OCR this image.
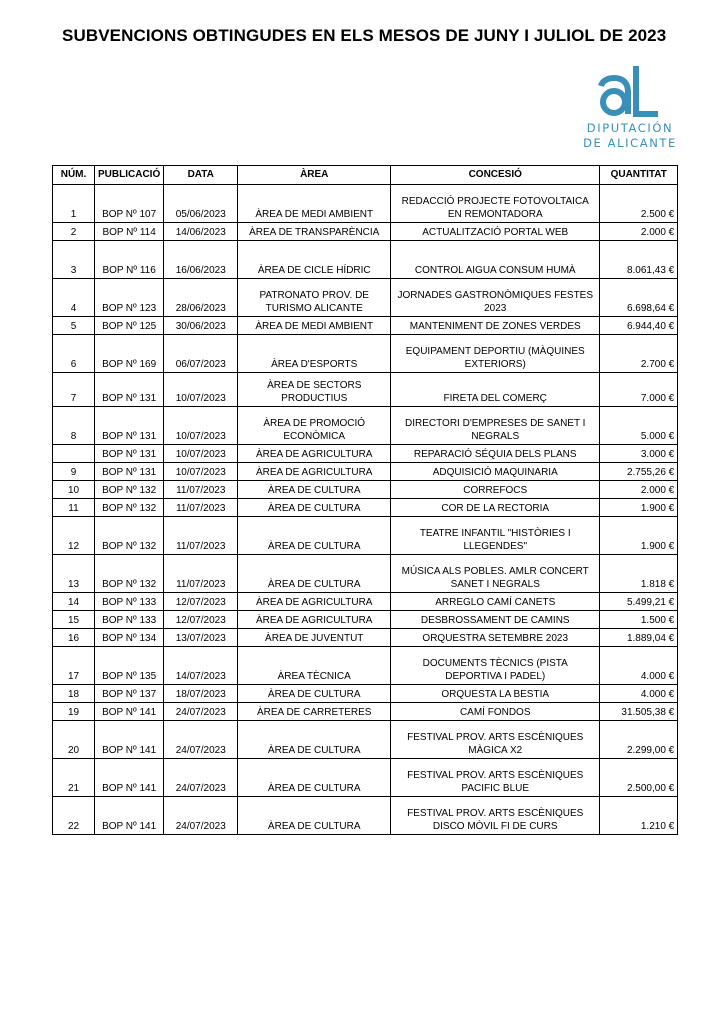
SUBVENCIONS OBTINGUDES EN ELS MESOS DE JUNY I JULIOL DE 2023
DIPUTACIÓN
DE ALICANTE
NÚM.	PUBLICACIÓ	DATA	ÀREA	CONCESIÓ	QUANTITAT
1	BOP Nº 107	05/06/2023	ÀREA DE MEDI AMBIENT	REDACCIÓ PROJECTE FOTOVOLTAICA EN REMONTADORA	2.500 €
2	BOP Nº 114	14/06/2023	ÀREA DE TRANSPARÈNCIA	ACTUALITZACIÓ PORTAL WEB	2.000 €
3	BOP Nº 116	16/06/2023	ÀREA DE CICLE HÍDRIC	CONTROL AIGUA CONSUM HUMÀ	8.061,43 €
4	BOP Nº 123	28/06/2023	PATRONATO PROV. DE TURISMO ALICANTE	JORNADES GASTRONÒMIQUES FESTES 2023	6.698,64 €
5	BOP Nº 125	30/06/2023	ÀREA DE MEDI AMBIENT	MANTENIMENT DE ZONES VERDES	6.944,40 €
6	BOP Nº 169	06/07/2023	ÀREA D'ESPORTS	EQUIPAMENT DEPORTIU (MÀQUINES EXTERIORS)	2.700 €
7	BOP Nº 131	10/07/2023	ÀREA DE SECTORS PRODUCTIUS	FIRETA DEL COMERÇ	7.000 €
8	BOP Nº 131	10/07/2023	ÀREA DE PROMOCIÓ ECONÒMICA	DIRECTORI D'EMPRESES DE SANET I NEGRALS	5.000 €
	BOP Nº 131	10/07/2023	ÀREA DE AGRICULTURA	REPARACIÓ SÉQUIA DELS PLANS	3.000 €
9	BOP Nº 131	10/07/2023	ÀREA DE AGRICULTURA	ADQUISICIÓ MAQUINARIA	2.755,26 €
10	BOP Nº 132	11/07/2023	ÀREA DE CULTURA	CORREFOCS	2.000 €
11	BOP Nº 132	11/07/2023	ÀREA DE CULTURA	COR DE LA RECTORIA	1.900 €
12	BOP Nº 132	11/07/2023	ÀREA DE CULTURA	TEATRE INFANTIL "HISTÒRIES I LLEGENDES"	1.900 €
13	BOP Nº 132	11/07/2023	ÀREA DE CULTURA	MÚSICA ALS POBLES. AMLR CONCERT SANET I NEGRALS	1.818 €
14	BOP Nº 133	12/07/2023	ÀREA DE AGRICULTURA	ARREGLO CAMÍ CANETS	5.499,21 €
15	BOP Nº 133	12/07/2023	ÀREA DE AGRICULTURA	DESBROSSAMENT DE CAMINS	1.500 €
16	BOP Nº 134	13/07/2023	ÀREA DE JUVENTUT	ORQUESTRA SETEMBRE 2023	1.889,04 €
17	BOP Nº 135	14/07/2023	ÀREA TÈCNICA	DOCUMENTS TÈCNICS (PISTA DEPORTIVA I PADEL)	4.000 €
18	BOP Nº 137	18/07/2023	ÀREA DE CULTURA	ORQUESTA LA BESTIA	4.000 €
19	BOP Nº 141	24/07/2023	ÀREA DE CARRETERES	CAMÍ FONDOS	31.505,38 €
20	BOP Nº 141	24/07/2023	ÀREA DE CULTURA	FESTIVAL PROV. ARTS ESCÈNIQUES MÀGICA X2	2.299,00 €
21	BOP Nº 141	24/07/2023	ÀREA DE CULTURA	FESTIVAL PROV. ARTS ESCÈNIQUES PACIFIC BLUE	2.500,00 €
22	BOP Nº 141	24/07/2023	ÀREA DE CULTURA	FESTIVAL PROV. ARTS ESCÈNIQUES DISCO MÒVIL FI DE CURS	1.210 €
